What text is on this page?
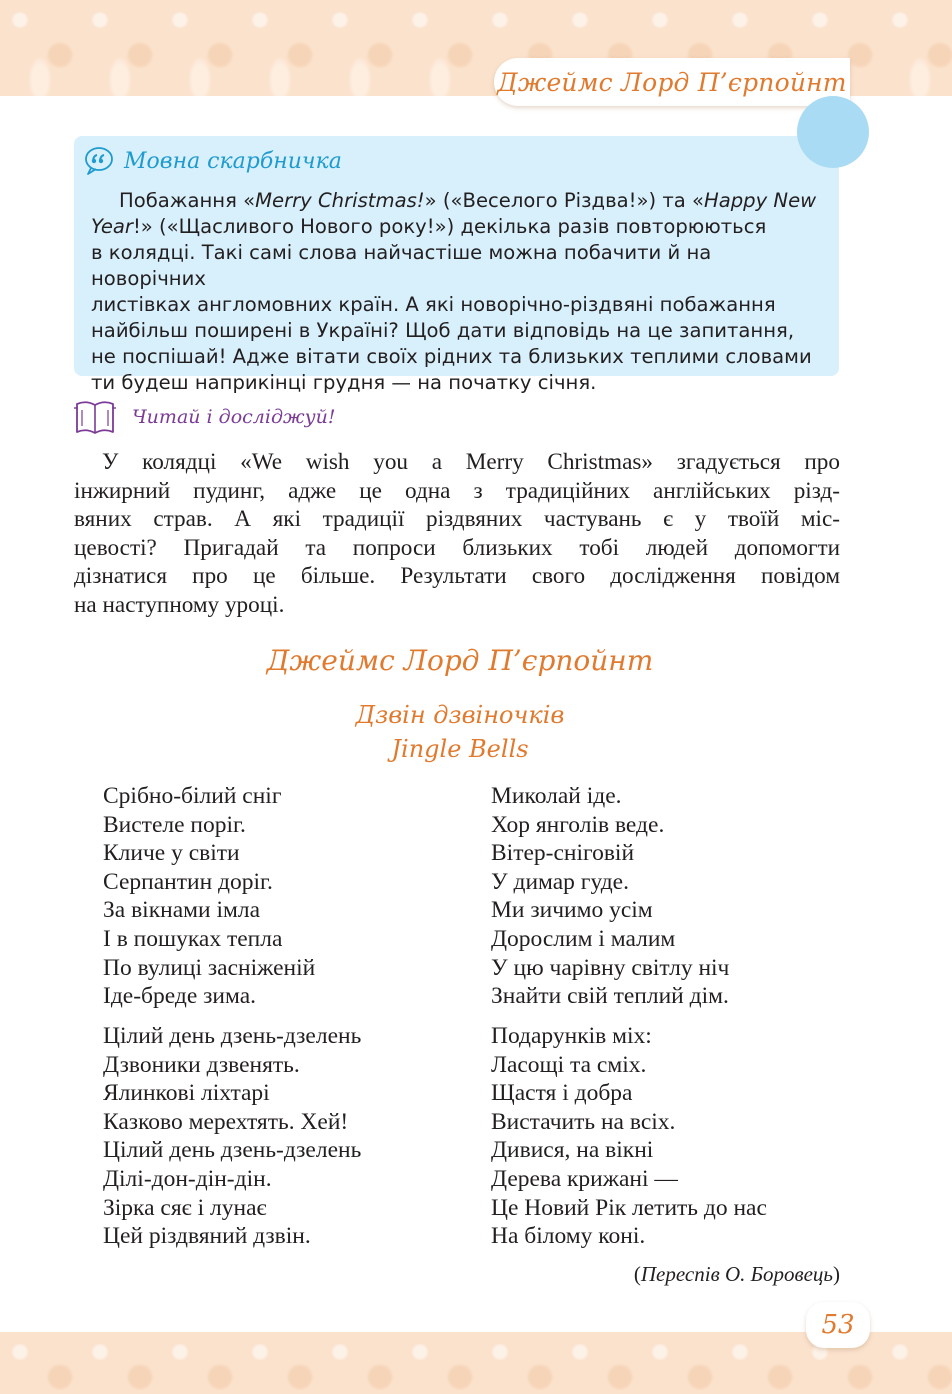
Джеймс Лорд П’єрпойнт
Мовна скарбничка

Побажання «Merry Christmas!» («Веселого Різдва!») та «Happy New

Year!» («Щасливого Нового року!») декілька разів повторюються

в колядці. Такі самі слова найчастіше можна побачити й на новорічних

листівках англомовних країн. А які новорічно-різдвяні побажання

найбільш поширені в Україні? Щоб дати відповідь на це запитання,

не поспішай! Адже вітати своїх рідних та близьких теплими словами

ти будеш наприкінці грудня — на початку січня.

Читай і досліджуй!
У колядці «We wish you a Merry Christmas» згадується про
інжирний пудинг, адже це одна з традиційних англійських різд-
вяних страв. А які традиції різдвяних частувань є у твоїй міс-
цевості? Пригадай та попроси близьких тобі людей допомогти
дізнатися про це більше. Результати свого дослідження повідом
на наступному уроці.
Джеймс Лорд П’єрпойнт
Дзвін дзвіночків
Jingle Bells
Срібно-білий сніг
Вистеле поріг.
Кличе у світи
Серпантин доріг.
За вікнами імла
І в пошуках тепла
По вулиці засніженій
Іде-бреде зима.
Цілий день дзень-дзелень
Дзвоники дзвенять.
Ялинкові ліхтарі
Казково мерехтять. Хей!
Цілий день дзень-дзелень
Ділі-дон-дін-дін.
Зірка сяє і лунає
Цей різдвяний дзвін.
Миколай іде.
Хор янголів веде.
Вітер-сніговій
У димар гуде.
Ми зичимо усім
Дорослим і малим
У цю чарівну світлу ніч
Знайти свій теплий дім.
Подарунків міх:
Ласощі та сміх.
Щастя і добра
Вистачить на всіх.
Дивися, на вікні
Дерева крижані —
Це Новий Рік летить до нас
На білому коні.
(Переспів О. Боровець)
53
